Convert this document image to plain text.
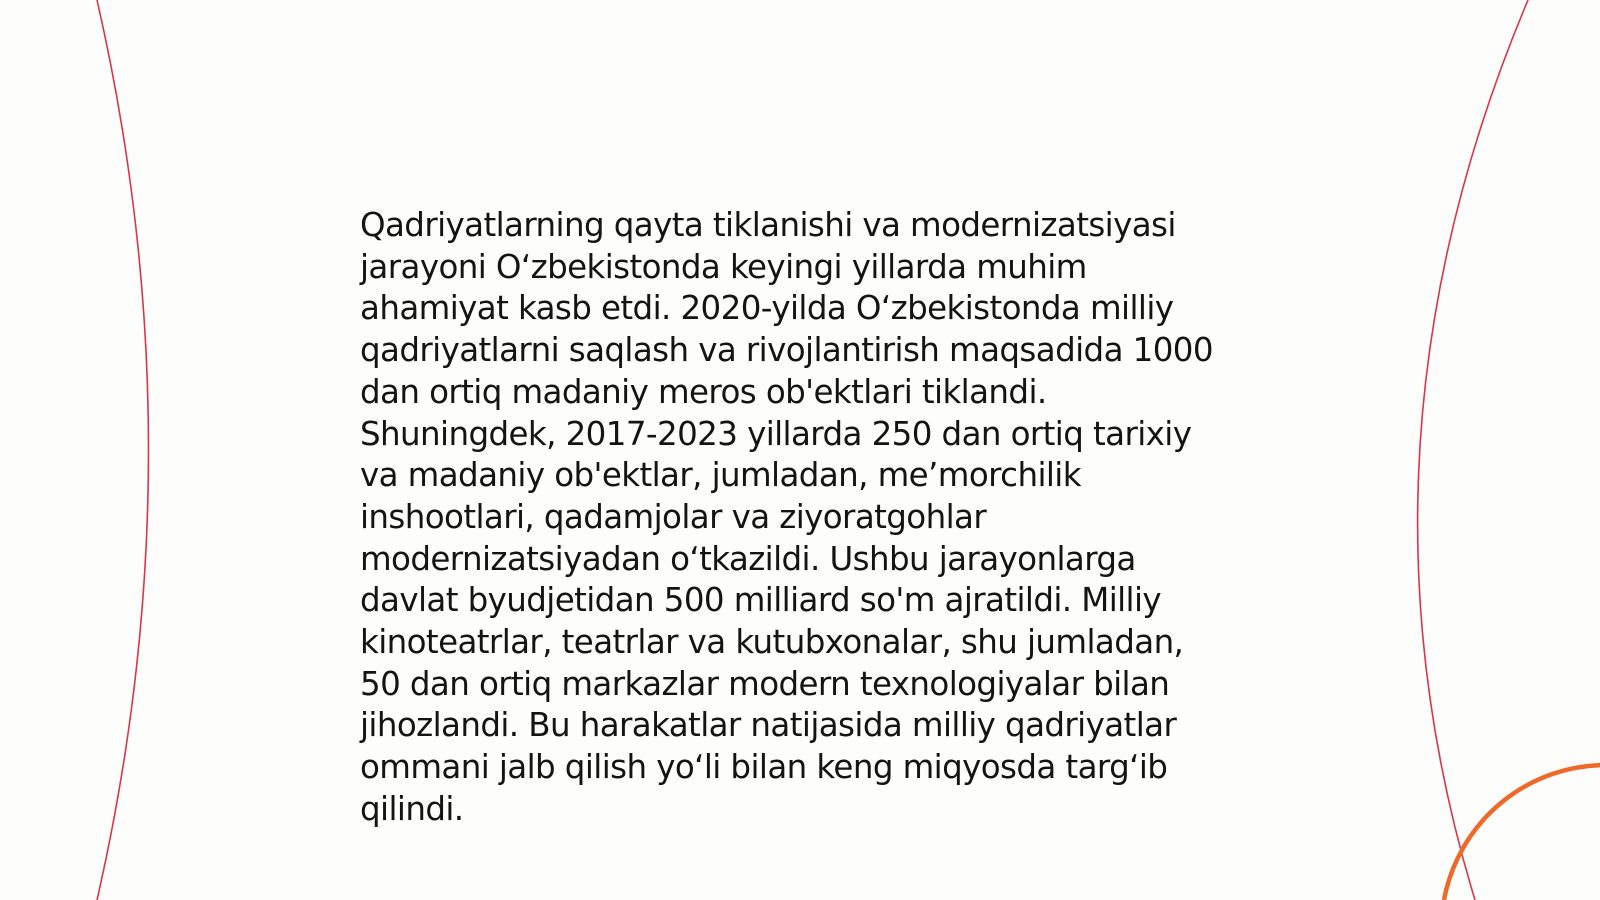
Qadriyatlarning qayta tiklanishi va modernizatsiyasi
jarayoni O‘zbekistonda keyingi yillarda muhim
ahamiyat kasb etdi. 2020-yilda O‘zbekistonda milliy
qadriyatlarni saqlash va rivojlantirish maqsadida 1000
dan ortiq madaniy meros ob'ektlari tiklandi.
Shuningdek, 2017-2023 yillarda 250 dan ortiq tarixiy
va madaniy ob'ektlar, jumladan, me’morchilik
inshootlari, qadamjolar va ziyoratgohlar
modernizatsiyadan o‘tkazildi. Ushbu jarayonlarga
davlat byudjetidan 500 milliard so'm ajratildi. Milliy
kinoteatrlar, teatrlar va kutubxonalar, shu jumladan,
50 dan ortiq markazlar modern texnologiyalar bilan
jihozlandi. Bu harakatlar natijasida milliy qadriyatlar
ommani jalb qilish yo‘li bilan keng miqyosda targ‘ib
qilindi.
